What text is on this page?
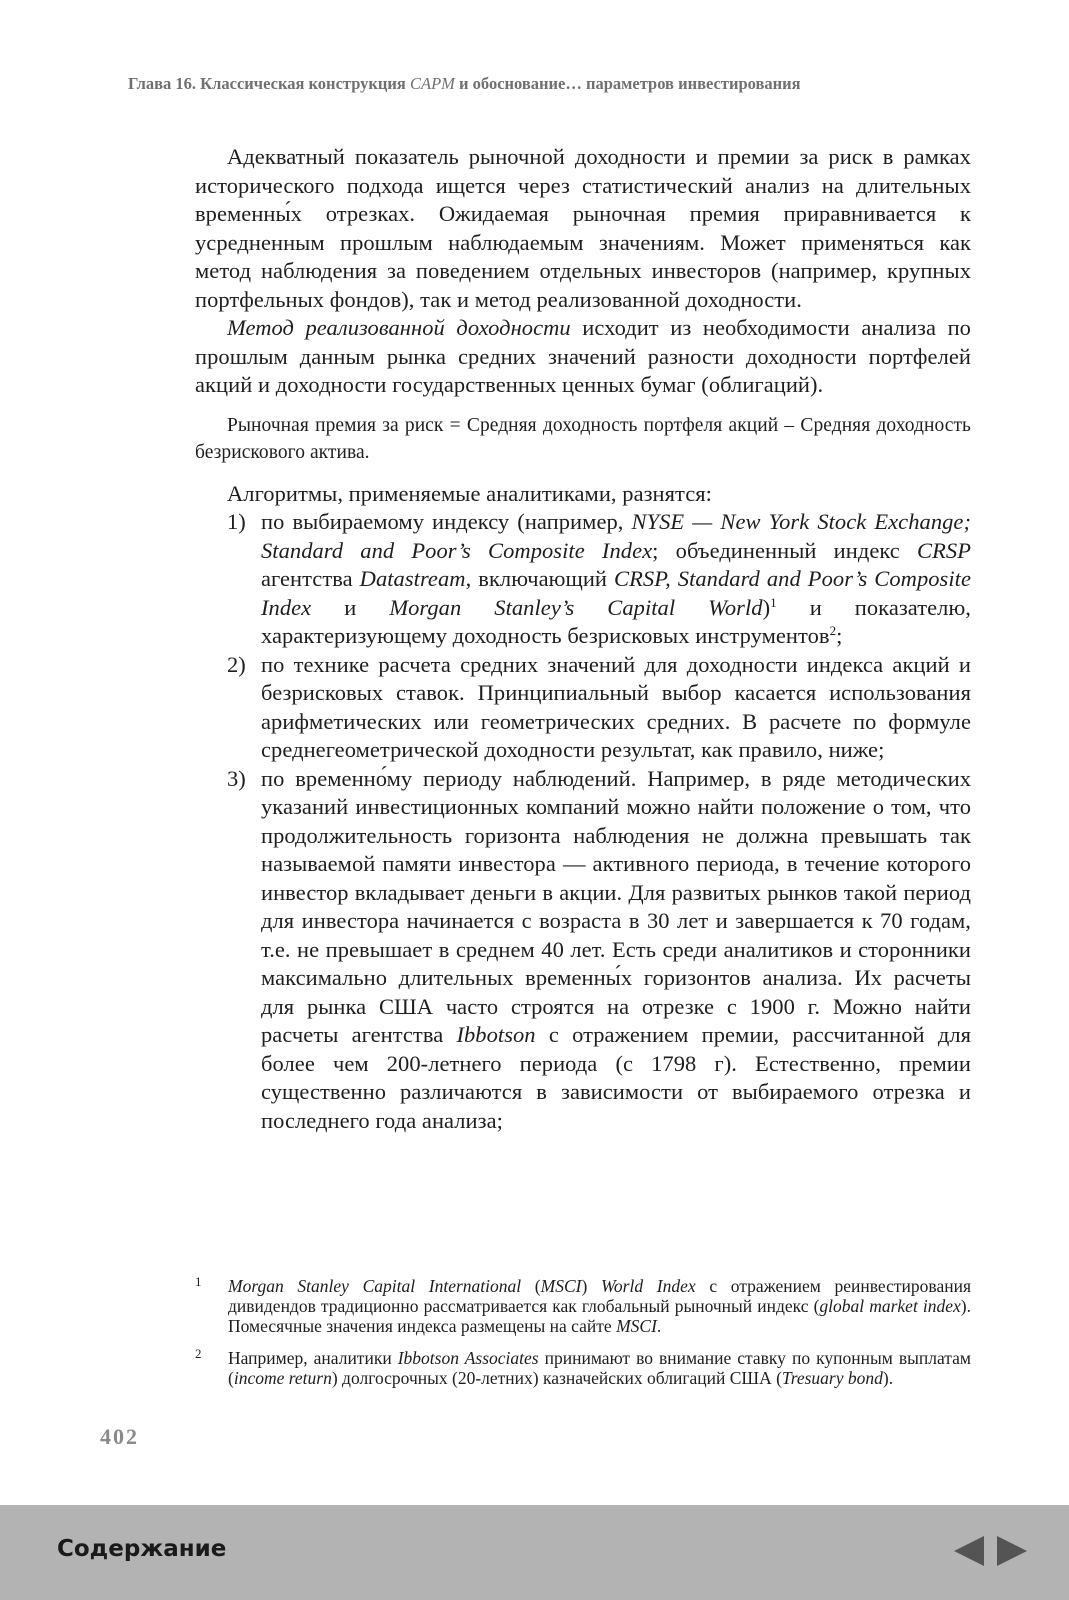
Глава 16. Классическая конструкция CAPM и обоснование… параметров инвестирования

Адекватный показатель рыночной доходности и премии за риск в рамках исторического подхода ищется через статистический анализ на длительных временны́х отрезках. Ожидаемая рыночная премия приравнивается к усредненным прошлым наблюдаемым значениям. Может применяться как метод наблюдения за поведением отдельных инвесторов (например, крупных портфельных фондов), так и метод реализованной доходности.

Метод реализованной доходности исходит из необходимости анализа по прошлым данным рынка средних значений разности доходности портфелей акций и доходности государственных ценных бумаг (облигаций).

Рыночная премия за риск = Средняя доходность портфеля акций – Средняя доходность безрискового актива.

Алгоритмы, применяемые аналитиками, разнятся:

1) по выбираемому индексу (например, NYSE — New York Stock Exchange; Standard and Poor’s Composite Index; объединенный индекс CRSP агентства Datastream, включающий CRSP, Standard and Poor’s Composite Index и Morgan Stanley’s Capital World)$^1$ и показателю, характеризующему доходность безрисковых инструментов$^2$;
2) по технике расчета средних значений для доходности индекса акций и безрисковых ставок. Принципиальный выбор касается использования арифметических или геометрических средних. В расчете по формуле среднегеометрической доходности результат, как правило, ниже;
3) по временно́му периоду наблюдений. Например, в ряде методических указаний инвестиционных компаний можно найти положение о том, что продолжительность горизонта наблюдения не должна превышать так называемой памяти инвестора — активного периода, в течение которого инвестор вкладывает деньги в акции. Для развитых рынков такой период для инвестора начинается с возраста в 30 лет и завершается к 70 годам, т.е. не превышает в среднем 40 лет. Есть среди аналитиков и сторонники максимально длительных временны́х горизонтов анализа. Их расчеты для рынка США часто строятся на отрезке с 1900 г. Можно найти расчеты агентства Ibbotson с отражением премии, рассчитанной для более чем 200-летнего периода (с 1798 г). Естественно, премии существенно различаются в зависимости от выбираемого отрезка и последнего года анализа;
1 Morgan Stanley Capital International (MSCI) World Index с отражением реинвестирования дивидендов традиционно рассматривается как глобальный рыночный индекс (global market index). Помесячные значения индекса размещены на сайте MSCI.
2 Например, аналитики Ibbotson Associates принимают во внимание ставку по купонным выплатам (income return) долгосрочных (20-летних) казначейских облигаций США (Tresuary bond).
402
Содержание
